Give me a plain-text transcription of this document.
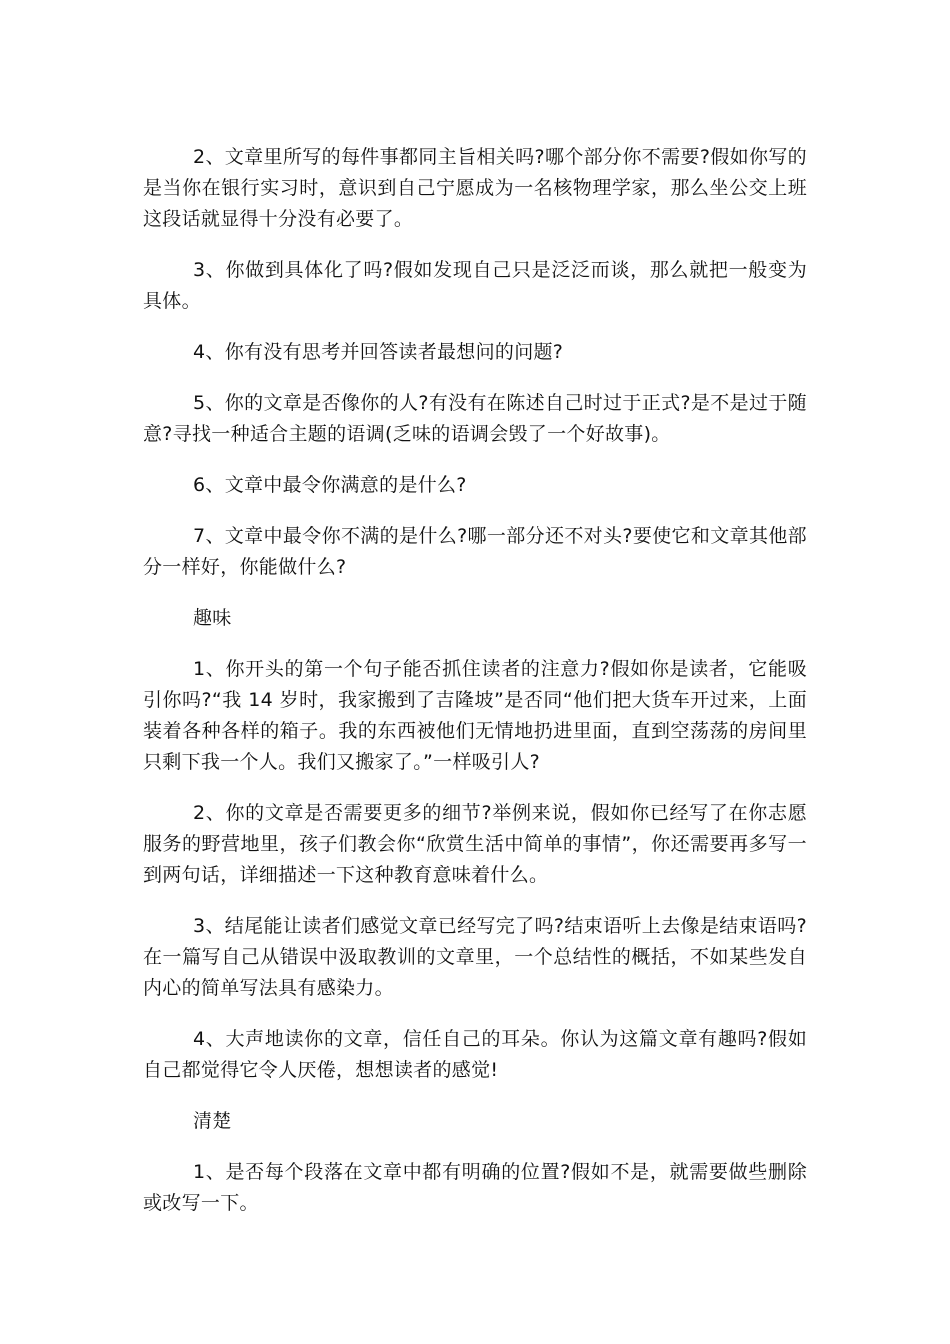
2、文章里所写的每件事都同主旨相关吗?哪个部分你不需要?假如你写的是当你在银行实习时，意识到自己宁愿成为一名核物理学家，那么坐公交上班这段话就显得十分没有必要了。

3、你做到具体化了吗?假如发现自己只是泛泛而谈，那么就把一般变为具体。

4、你有没有思考并回答读者最想问的问题?

5、你的文章是否像你的人?有没有在陈述自己时过于正式?是不是过于随意?寻找一种适合主题的语调(乏味的语调会毁了一个好故事)。

6、文章中最令你满意的是什么?

7、文章中最令你不满的是什么?哪一部分还不对头?要使它和文章其他部分一样好，你能做什么?

趣味

1、你开头的第一个句子能否抓住读者的注意力?假如你是读者，它能吸引你吗?“我 14 岁时，我家搬到了吉隆坡”是否同“他们把大货车开过来，上面装着各种各样的箱子。我的东西被他们无情地扔进里面，直到空荡荡的房间里只剩下我一个人。我们又搬家了。”一样吸引人?

2、你的文章是否需要更多的细节?举例来说，假如你已经写了在你志愿服务的野营地里，孩子们教会你“欣赏生活中简单的事情”，你还需要再多写一到两句话，详细描述一下这种教育意味着什么。

3、结尾能让读者们感觉文章已经写完了吗?结束语听上去像是结束语吗?在一篇写自己从错误中汲取教训的文章里，一个总结性的概括，不如某些发自内心的简单写法具有感染力。

4、大声地读你的文章，信任自己的耳朵。你认为这篇文章有趣吗?假如自己都觉得它令人厌倦，想想读者的感觉!

清楚

1、是否每个段落在文章中都有明确的位置?假如不是，就需要做些删除或改写一下。
